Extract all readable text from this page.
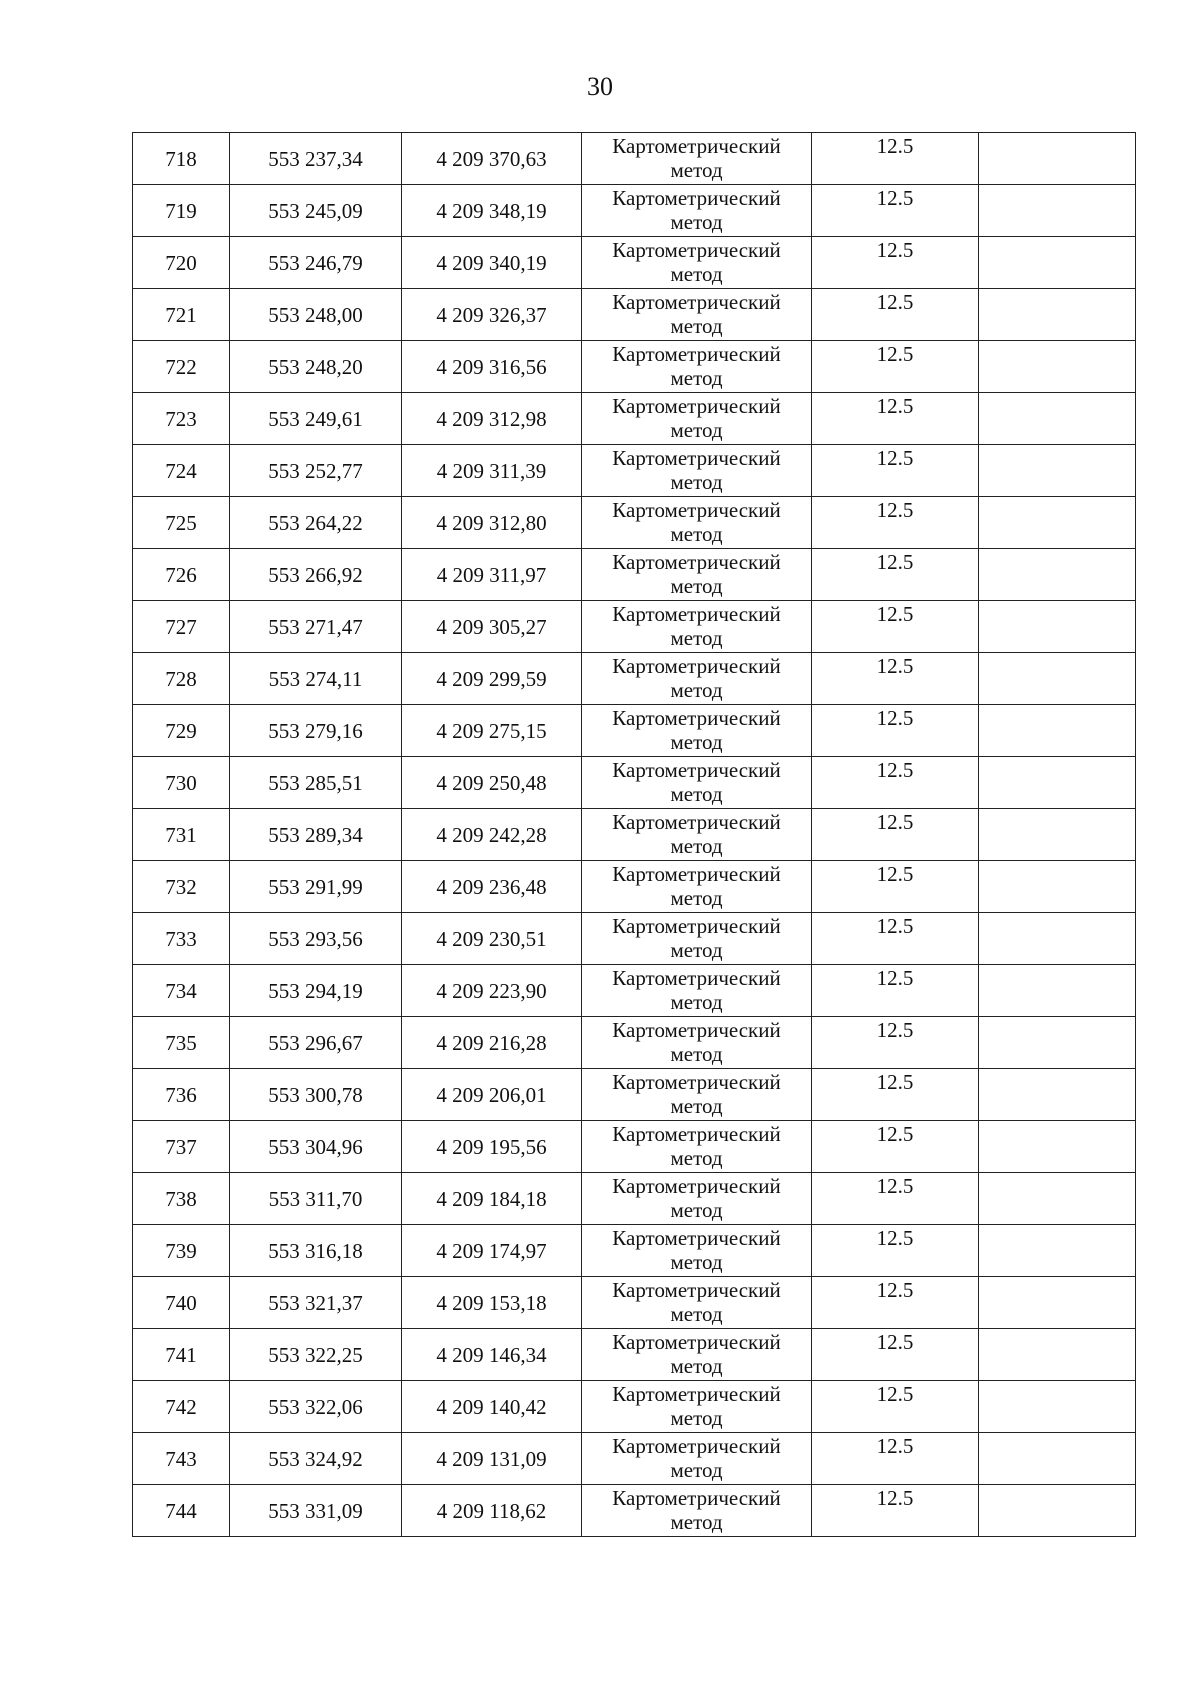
30
718	553 237,34	4 209 370,63	Картометрический
метод	12.5	
719	553 245,09	4 209 348,19	Картометрический
метод	12.5	
720	553 246,79	4 209 340,19	Картометрический
метод	12.5	
721	553 248,00	4 209 326,37	Картометрический
метод	12.5	
722	553 248,20	4 209 316,56	Картометрический
метод	12.5	
723	553 249,61	4 209 312,98	Картометрический
метод	12.5	
724	553 252,77	4 209 311,39	Картометрический
метод	12.5	
725	553 264,22	4 209 312,80	Картометрический
метод	12.5	
726	553 266,92	4 209 311,97	Картометрический
метод	12.5	
727	553 271,47	4 209 305,27	Картометрический
метод	12.5	
728	553 274,11	4 209 299,59	Картометрический
метод	12.5	
729	553 279,16	4 209 275,15	Картометрический
метод	12.5	
730	553 285,51	4 209 250,48	Картометрический
метод	12.5	
731	553 289,34	4 209 242,28	Картометрический
метод	12.5	
732	553 291,99	4 209 236,48	Картометрический
метод	12.5	
733	553 293,56	4 209 230,51	Картометрический
метод	12.5	
734	553 294,19	4 209 223,90	Картометрический
метод	12.5	
735	553 296,67	4 209 216,28	Картометрический
метод	12.5	
736	553 300,78	4 209 206,01	Картометрический
метод	12.5	
737	553 304,96	4 209 195,56	Картометрический
метод	12.5	
738	553 311,70	4 209 184,18	Картометрический
метод	12.5	
739	553 316,18	4 209 174,97	Картометрический
метод	12.5	
740	553 321,37	4 209 153,18	Картометрический
метод	12.5	
741	553 322,25	4 209 146,34	Картометрический
метод	12.5	
742	553 322,06	4 209 140,42	Картометрический
метод	12.5	
743	553 324,92	4 209 131,09	Картометрический
метод	12.5	
744	553 331,09	4 209 118,62	Картометрический
метод	12.5	
